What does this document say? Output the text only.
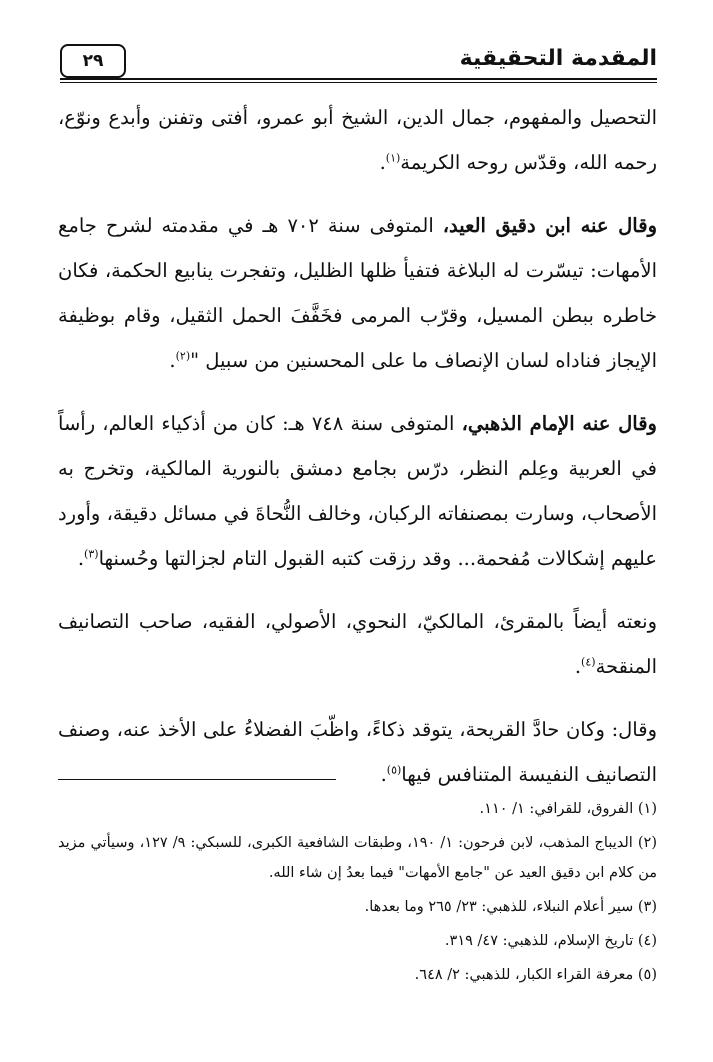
المقدمة التحقيقية
٢٩

التحصيل والمفهوم، جمال الدين، الشيخ أبو عمرو، أفتى وتفنن وأبدع ونوّع، رحمه الله، وقدّس روحه الكريمة$^{(١)}$.

وقال عنه ابن دقيق العيد، المتوفى سنة ٧٠٢ هـ في مقدمته لشرح جامع الأمهات: تيسّرت له البلاغة فتفيأ ظلها الظليل، وتفجرت ينابيع الحكمة، فكان خاطره ببطن المسيل، وقرّب المرمى فخَفَّفَ الحمل الثقيل، وقام بوظيفة الإيجاز فناداه لسان الإنصاف ما على المحسنين من سبيل "$^{(٢)}$.

وقال عنه الإمام الذهبي، المتوفى سنة ٧٤٨ هـ: كان من أذكياء العالم، رأساً في العربية وعِلم النظر، درّس بجامع دمشق بالنورية المالكية، وتخرج به الأصحاب، وسارت بمصنفاته الركبان، وخالف النُّحاةَ في مسائل دقيقة، وأورد عليهم إشكالات مُفحمة... وقد رزقت كتبه القبول التام لجزالتها وحُسنها$^{(٣)}$.

ونعته أيضاً بالمقرئ، المالكيّ، النحوي، الأصولي، الفقيه، صاحب التصانيف المنقحة$^{(٤)}$.

وقال: وكان حادَّ القريحة، يتوقد ذكاءً، واظّبَ الفضلاءُ على الأخذ عنه، وصنف التصانيف النفيسة المتنافس فيها$^{(٥)}$.

(١) الفروق، للقرافي: ١/ ١١٠.

(٢) الديباج المذهب، لابن فرحون: ١/ ١٩٠، وطبقات الشافعية الكبرى، للسبكي: ٩/ ١٢٧، وسيأتي مزيد من كلام ابن دقيق العيد عن "جامع الأمهات" فيما بعدُ إن شاء الله.

(٣) سير أعلام النبلاء، للذهبي: ٢٣/ ٢٦٥ وما بعدها.

(٤) تاريخ الإسلام، للذهبي: ٤٧/ ٣١٩.

(٥) معرفة القراء الكبار، للذهبي: ٢/ ٦٤٨.
